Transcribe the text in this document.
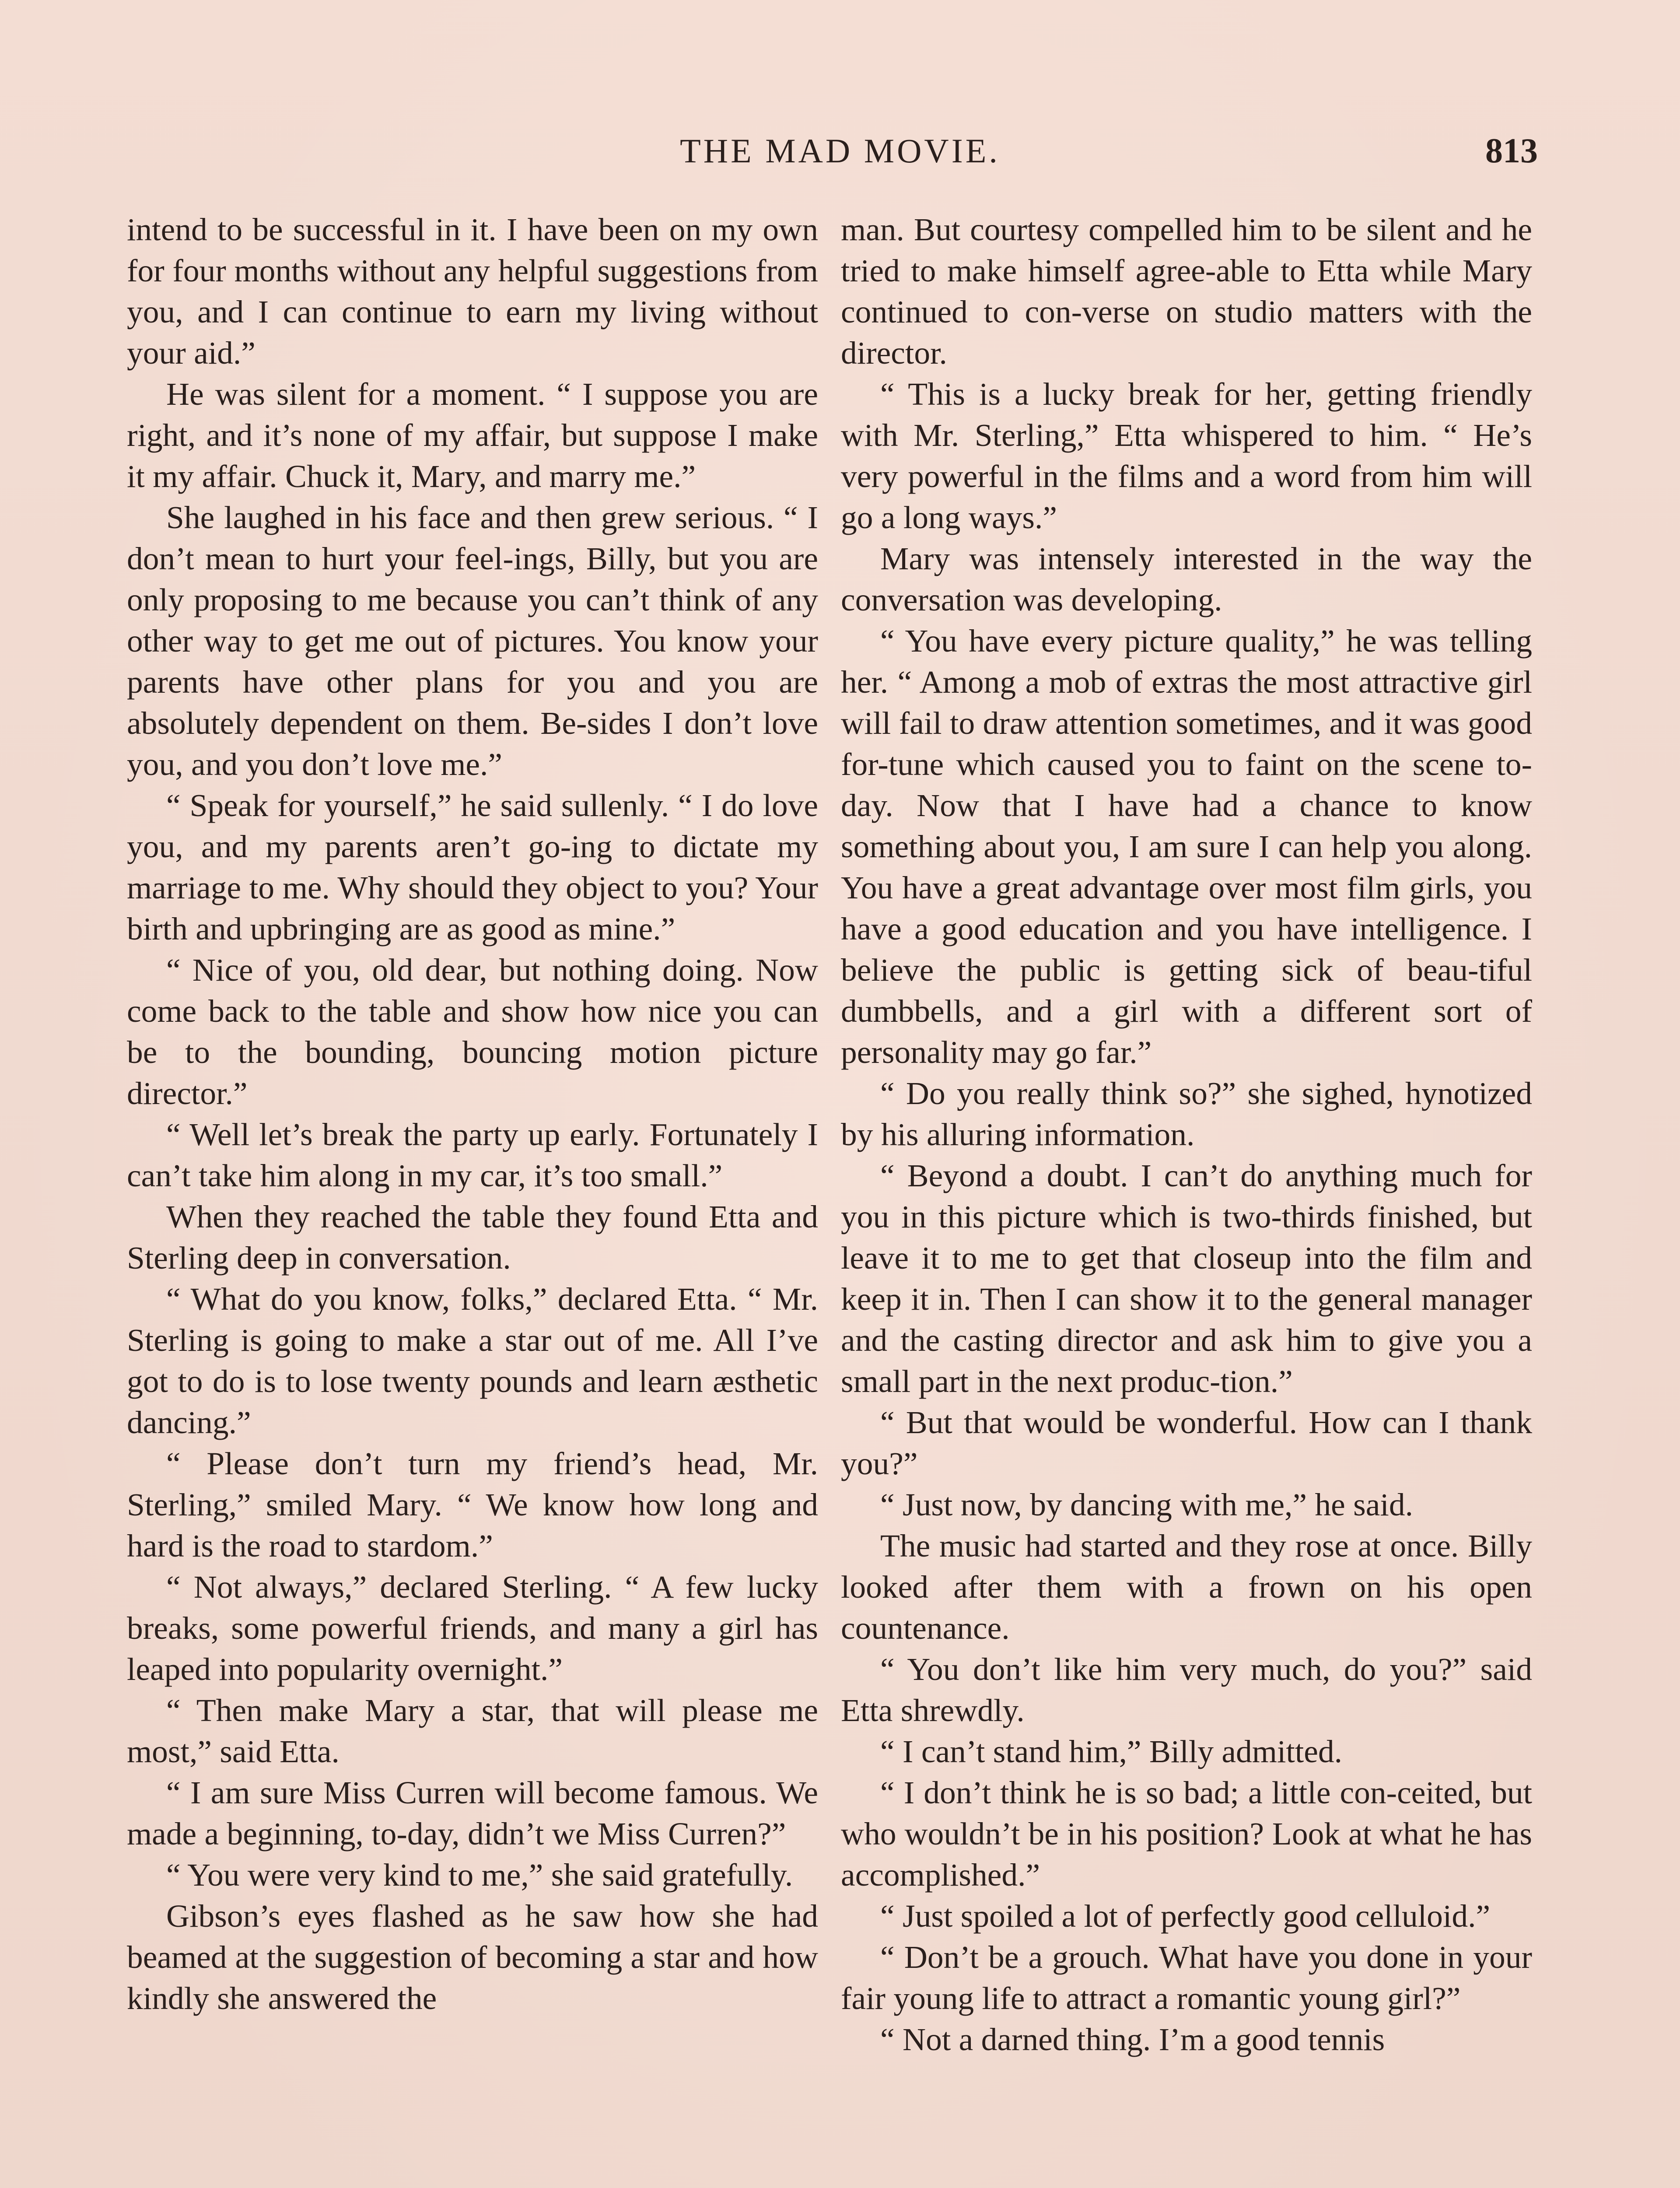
THE MAD MOVIE.	813

intend to be successful in it. I have been on my own for four months without any helpful suggestions from you, and I can continue to earn my living without your aid.”

He was silent for a moment. “ I suppose you are right, and it’s none of my affair, but suppose I make it my affair. Chuck it, Mary, and marry me.”

She laughed in his face and then grew serious. “ I don’t mean to hurt your feel-ings, Billy, but you are only proposing to me because you can’t think of any other way to get me out of pictures. You know your parents have other plans for you and you are absolutely dependent on them. Be-sides I don’t love you, and you don’t love me.”

“ Speak for yourself,” he said sullenly. “ I do love you, and my parents aren’t go-ing to dictate my marriage to me. Why should they object to you? Your birth and upbringing are as good as mine.”

“ Nice of you, old dear, but nothing doing. Now come back to the table and show how nice you can be to the bounding, bouncing motion picture director.”

“ Well let’s break the party up early. Fortunately I can’t take him along in my car, it’s too small.”

When they reached the table they found Etta and Sterling deep in conversation.

“ What do you know, folks,” declared Etta. “ Mr. Sterling is going to make a star out of me. All I’ve got to do is to lose twenty pounds and learn æsthetic dancing.”

“ Please don’t turn my friend’s head, Mr. Sterling,” smiled Mary. “ We know how long and hard is the road to stardom.”

“ Not always,” declared Sterling. “ A few lucky breaks, some powerful friends, and many a girl has leaped into popularity overnight.”

“ Then make Mary a star, that will please me most,” said Etta.

“ I am sure Miss Curren will become famous. We made a beginning, to-day, didn’t we Miss Curren?”

“ You were very kind to me,” she said gratefully.

Gibson’s eyes flashed as he saw how she had beamed at the suggestion of becoming a star and how kindly she answered the

man. But courtesy compelled him to be silent and he tried to make himself agree-able to Etta while Mary continued to con-verse on studio matters with the director.

“ This is a lucky break for her, getting friendly with Mr. Sterling,” Etta whispered to him. “ He’s very powerful in the films and a word from him will go a long ways.”

Mary was intensely interested in the way the conversation was developing.

“ You have every picture quality,” he was telling her. “ Among a mob of extras the most attractive girl will fail to draw attention sometimes, and it was good for-tune which caused you to faint on the scene to-day. Now that I have had a chance to know something about you, I am sure I can help you along. You have a great advantage over most film girls, you have a good education and you have intelligence. I believe the public is getting sick of beau-tiful dumbbells, and a girl with a different sort of personality may go far.”

“ Do you really think so?” she sighed, hynotized by his alluring information.

“ Beyond a doubt. I can’t do anything much for you in this picture which is two-thirds finished, but leave it to me to get that closeup into the film and keep it in. Then I can show it to the general manager and the casting director and ask him to give you a small part in the next produc-tion.”

“ But that would be wonderful. How can I thank you?”

“ Just now, by dancing with me,” he said.

The music had started and they rose at once. Billy looked after them with a frown on his open countenance.

“ You don’t like him very much, do you?” said Etta shrewdly.

“ I can’t stand him,” Billy admitted.

“ I don’t think he is so bad; a little con-ceited, but who wouldn’t be in his position? Look at what he has accomplished.”

“ Just spoiled a lot of perfectly good celluloid.”

“ Don’t be a grouch. What have you done in your fair young life to attract a romantic young girl?”

“ Not a darned thing. I’m a good tennis
